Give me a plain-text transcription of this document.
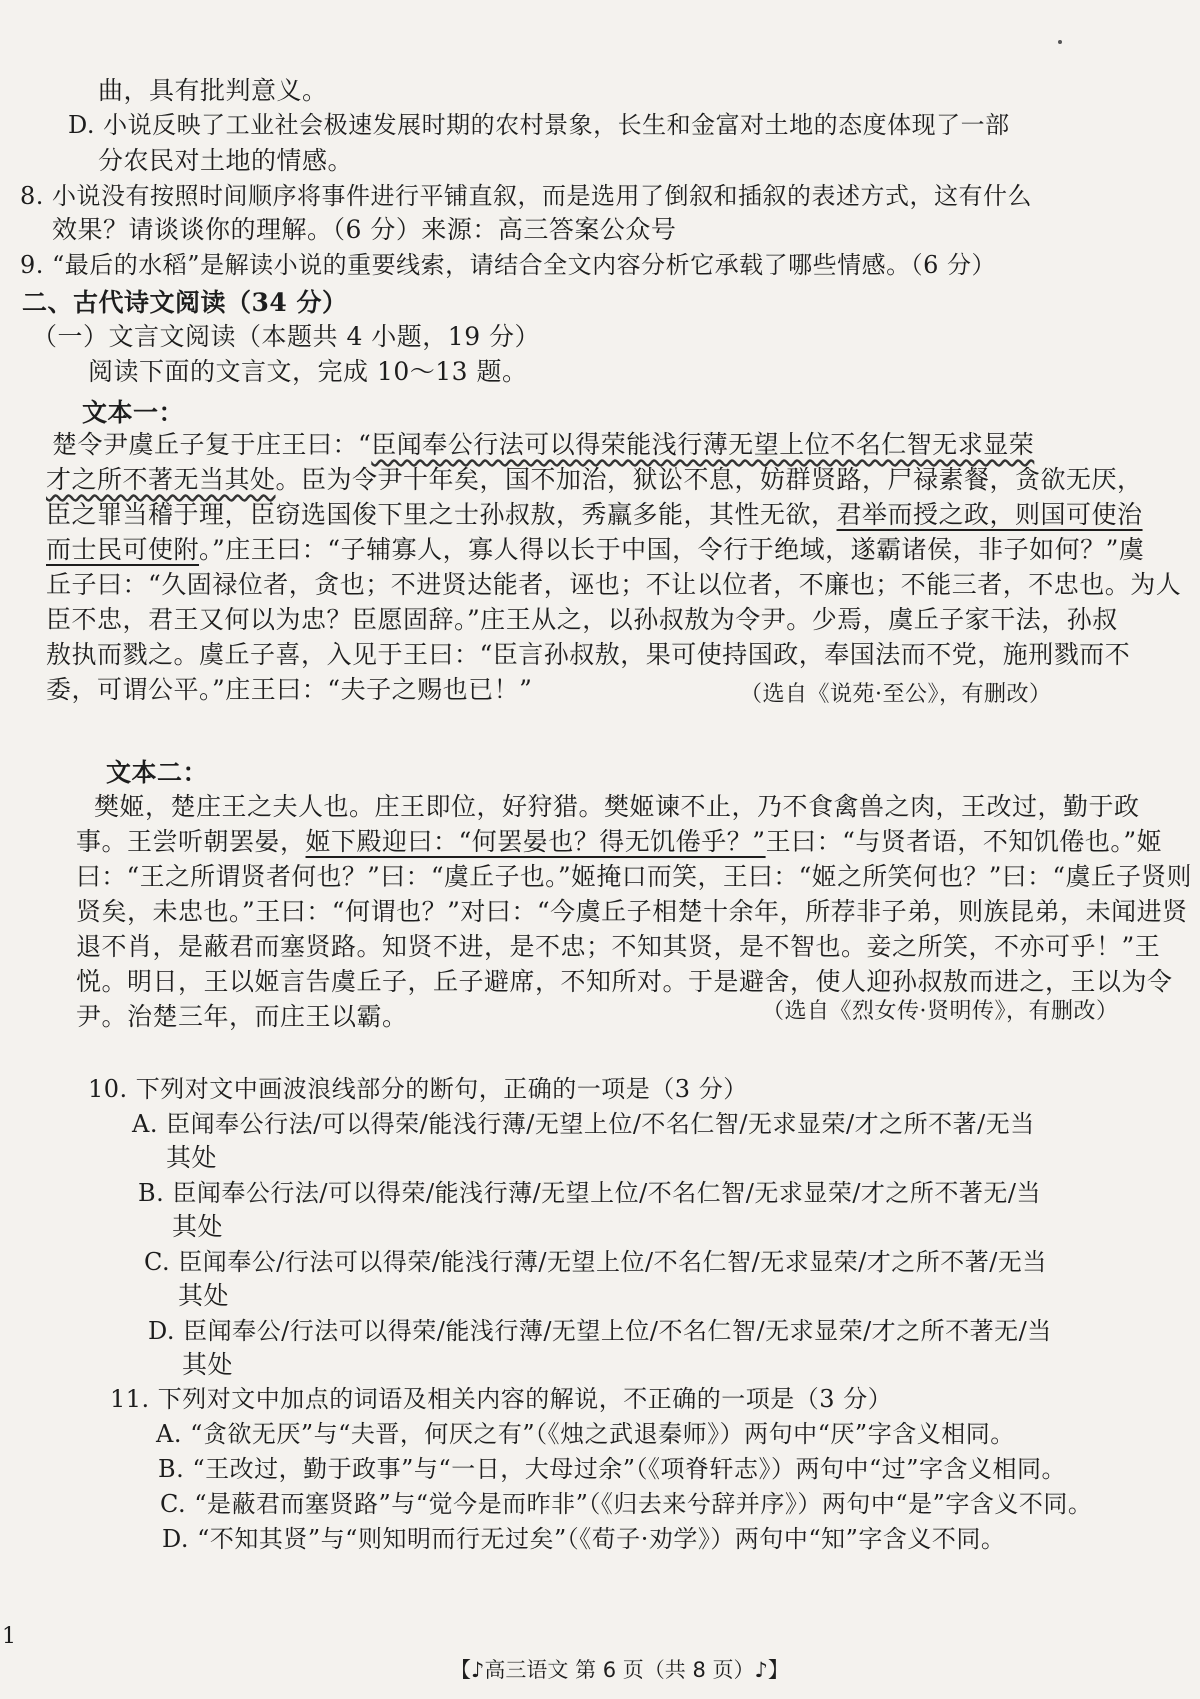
曲，具有批判意义。
D. 小说反映了工业社会极速发展时期的农村景象，长生和金富对土地的态度体现了一部
分农民对土地的情感。
8. 小说没有按照时间顺序将事件进行平铺直叙，而是选用了倒叙和插叙的表述方式，这有什么
效果？请谈谈你的理解。（6 分）来源：高三答案公众号
9. “最后的水稻”是解读小说的重要线索，请结合全文内容分析它承载了哪些情感。（6 分）
二、古代诗文阅读（34 分）
（一）文言文阅读（本题共 4 小题，19 分）
阅读下面的文言文，完成 10～13 题。
文本一：
楚令尹虞丘子复于庄王曰：“臣闻奉公行法可以得荣能浅行薄无望上位不名仁智无求显荣
才之所不著无当其处。臣为令尹十年矣，国不加治，狱讼不息，妨群贤路，尸禄素餐，贪欲无厌，
臣之罪当稽于理，臣窃选国俊下里之士孙叔敖，秀羸多能，其性无欲，君举而授之政，则国可使治
而士民可使附。”庄王曰：“子辅寡人，寡人得以长于中国，令行于绝域，遂霸诸侯，非子如何？”虞
丘子曰：“久固禄位者，贪也；不进贤达能者，诬也；不让以位者，不廉也；不能三者，不忠也。为人
臣不忠，君王又何以为忠？臣愿固辞。”庄王从之，以孙叔敖为令尹。少焉，虞丘子家干法，孙叔
敖执而戮之。虞丘子喜，入见于王曰：“臣言孙叔敖，果可使持国政，奉国法而不党，施刑戮而不
委，可谓公平。”庄王曰：“夫子之赐也已！”	（选自《说苑·至公》，有删改）
文本二：
樊姬，楚庄王之夫人也。庄王即位，好狩猎。樊姬谏不止，乃不食禽兽之肉，王改过，勤于政
事。王尝听朝罢晏，姬下殿迎曰：“何罢晏也？得无饥倦乎？”王曰：“与贤者语，不知饥倦也。”姬
曰：“王之所谓贤者何也？”曰：“虞丘子也。”姬掩口而笑，王曰：“姬之所笑何也？”曰：“虞丘子贤则
贤矣，未忠也。”王曰：“何谓也？”对曰：“今虞丘子相楚十余年，所荐非子弟，则族昆弟，未闻进贤
退不肖，是蔽君而塞贤路。知贤不进，是不忠；不知其贤，是不智也。妾之所笑，不亦可乎！”王
悦。明日，王以姬言告虞丘子，丘子避席，不知所对。于是避舍，使人迎孙叔敖而进之，王以为令
尹。治楚三年，而庄王以霸。	（选自《烈女传·贤明传》，有删改）
10. 下列对文中画波浪线部分的断句，正确的一项是（3 分）
A. 臣闻奉公行法/可以得荣/能浅行薄/无望上位/不名仁智/无求显荣/才之所不著/无当
其处
B. 臣闻奉公行法/可以得荣/能浅行薄/无望上位/不名仁智/无求显荣/才之所不著无/当
其处
C. 臣闻奉公/行法可以得荣/能浅行薄/无望上位/不名仁智/无求显荣/才之所不著/无当
其处
D. 臣闻奉公/行法可以得荣/能浅行薄/无望上位/不名仁智/无求显荣/才之所不著无/当
其处
11. 下列对文中加点的词语及相关内容的解说，不正确的一项是（3 分）
A. “贪欲无厌”与“夫晋，何厌之有”（《烛之武退秦师》）两句中“厌”字含义相同。
B. “王改过，勤于政事”与“一日，大母过余”（《项脊轩志》）两句中“过”字含义相同。
C. “是蔽君而塞贤路”与“觉今是而昨非”（《归去来兮辞并序》）两句中“是”字含义不同。
D. “不知其贤”与“则知明而行无过矣”（《荀子·劝学》）两句中“知”字含义不同。
1
【♪高三语文 第 6 页（共 8 页）♪】
